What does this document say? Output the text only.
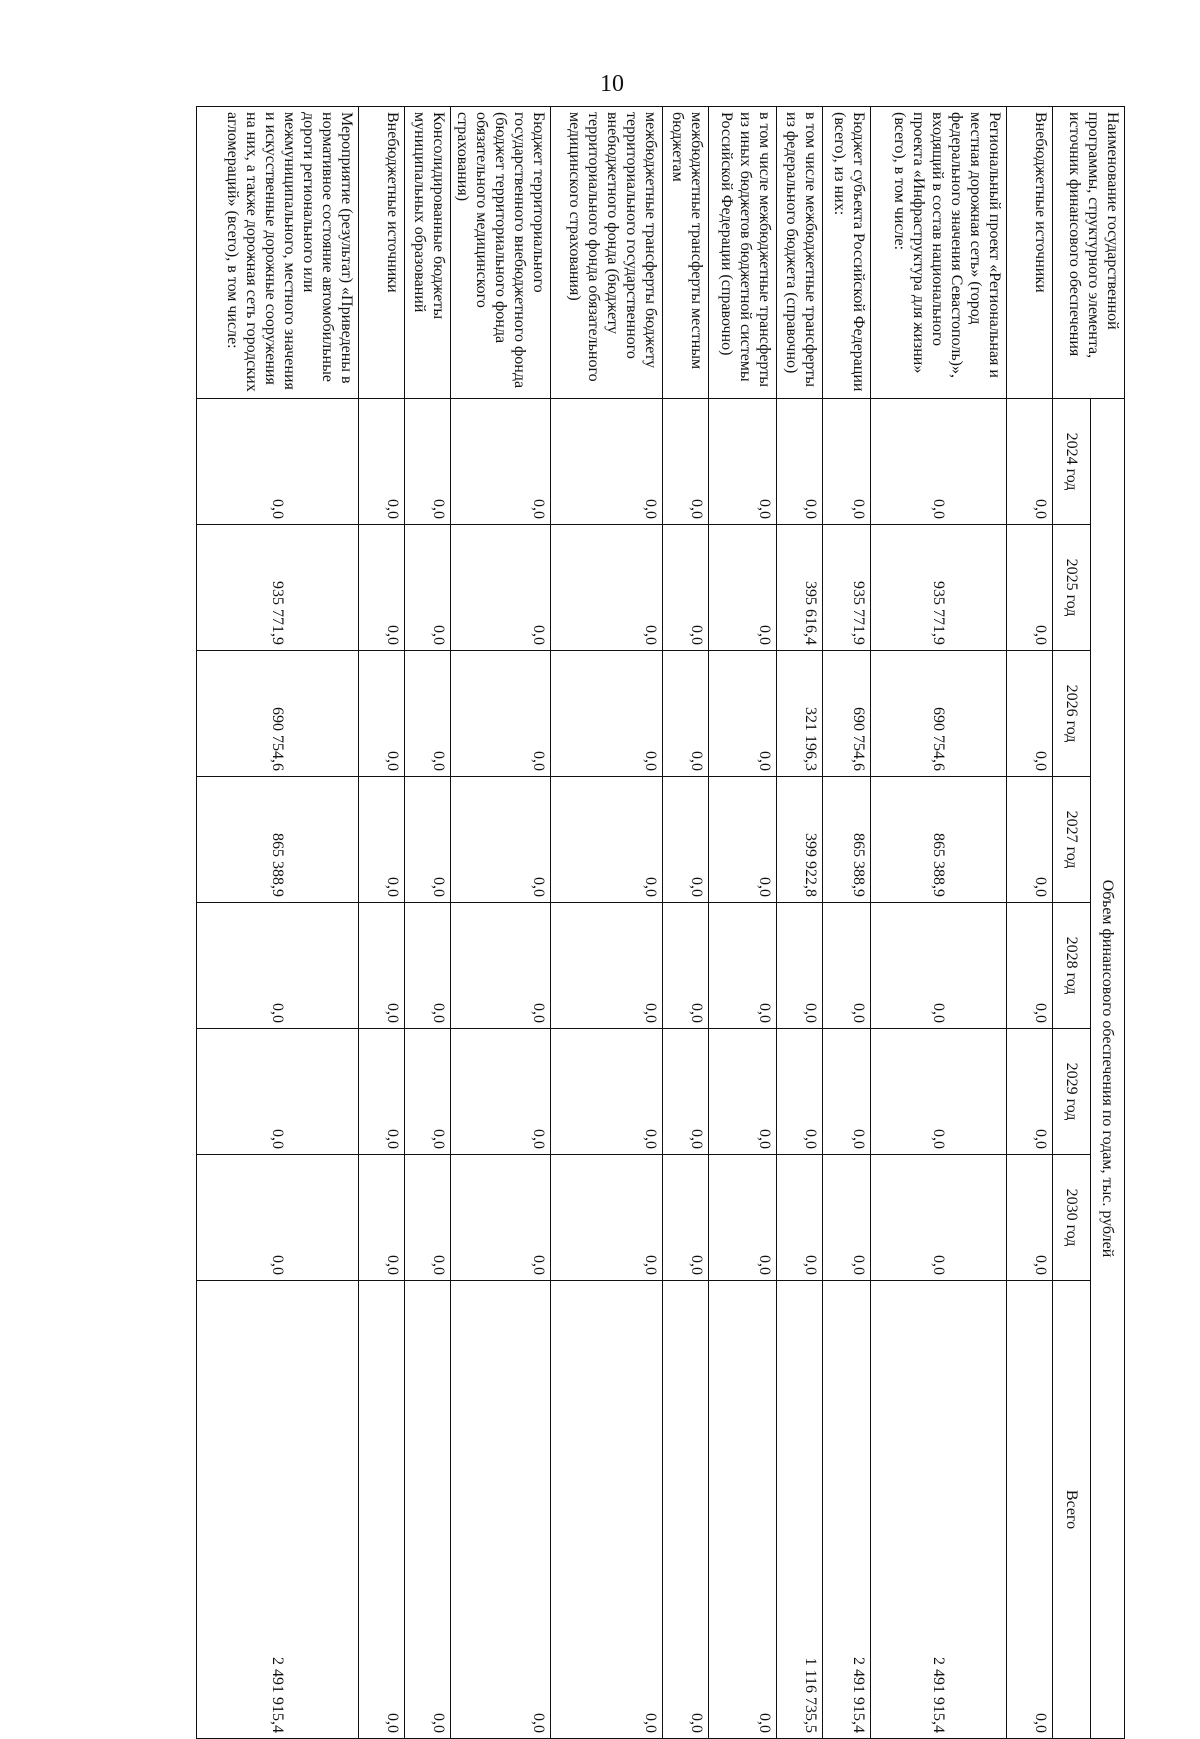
10
Наименование государственной программы, структурного элемента, источник финансового обеспечения	Объем финансового обеспечения по годам, тыс. рублей							
	2024 год	2025 год	2026 год	2027 год	2028 год	2029 год	2030 год	Всего
Внебюджетные источники	0,0	0,0	0,0	0,0	0,0	0,0	0,0	0,0
Региональный проект «Региональная и местная дорожная сеть» (город федерального значения Севастополь)», входящий в состав национального проекта «Инфраструктура для жизни» (всего), в том числе:	0,0	935 771,9	690 754,6	865 388,9	0,0	0,0	0,0	2 491 915,4
Бюджет субъекта Российской Федерации (всего), из них:	0,0	935 771,9	690 754,6	865 388,9	0,0	0,0	0,0	2 491 915,4
в том числе межбюджетные трансферты из федерального бюджета (справочно)	0,0	395 616,4	321 196,3	399 922,8	0,0	0,0	0,0	1 116 735,5
в том числе межбюджетные трансферты из иных бюджетов бюджетной системы Российской Федерации (справочно)	0,0	0,0	0,0	0,0	0,0	0,0	0,0	0,0
межбюджетные трансферты местным бюджетам	0,0	0,0	0,0	0,0	0,0	0,0	0,0	0,0
межбюджетные трансферты бюджету территориального государственного внебюджетного фонда (бюджету территориального фонда обязательного медицинского страхования)	0,0	0,0	0,0	0,0	0,0	0,0	0,0	0,0
Бюджет территориального государственного внебюджетного фонда (бюджет территориального фонда обязательного медицинского страхования)	0,0	0,0	0,0	0,0	0,0	0,0	0,0	0,0
Консолидированные бюджеты муниципальных образований	0,0	0,0	0,0	0,0	0,0	0,0	0,0	0,0
Внебюджетные источники	0,0	0,0	0,0	0,0	0,0	0,0	0,0	0,0
Мероприятие (результат) «Приведены в нормативное состояние автомобильные дороги регионального или межмуниципального, местного значения и искусственные дорожные сооружения на них, а также дорожная сеть городских агломераций» (всего), в том числе:	0,0	935 771,9	690 754,6	865 388,9	0,0	0,0	0,0	2 491 915,4
